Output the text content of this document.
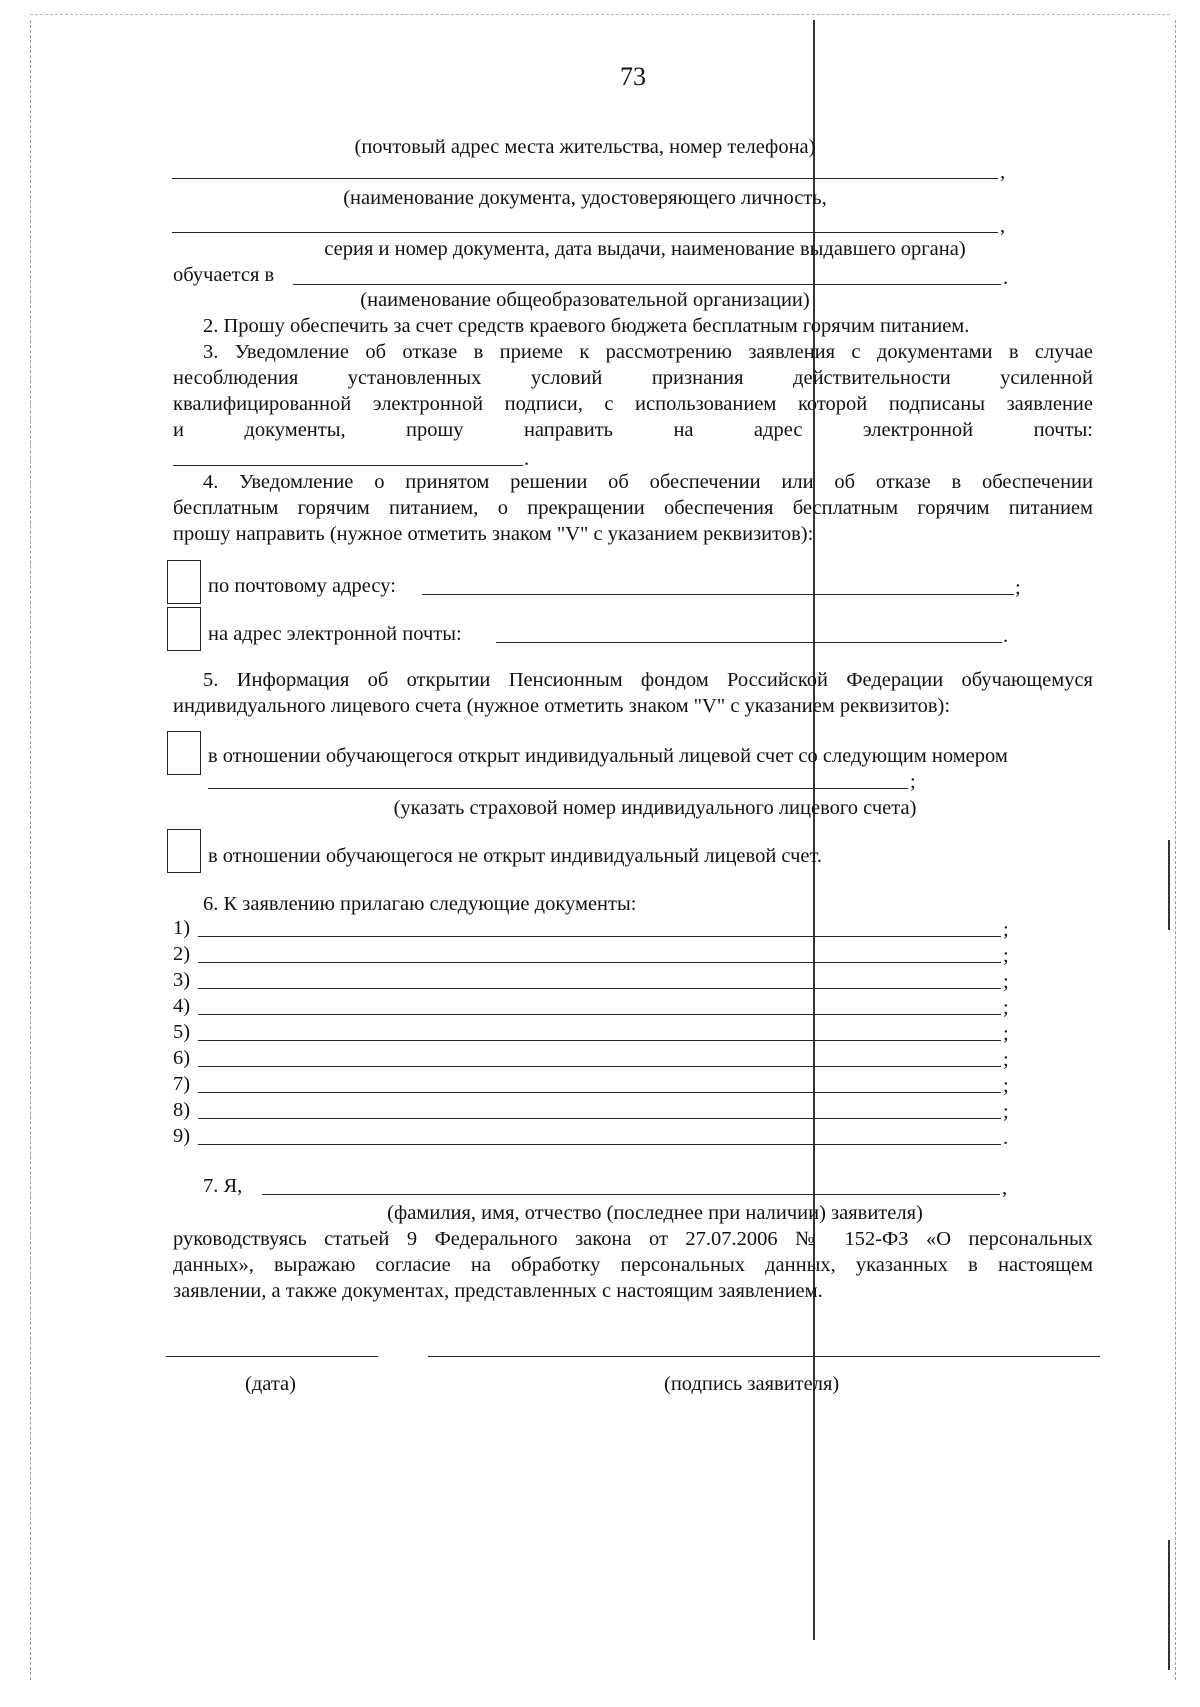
73
(почтовый адрес места жительства, номер телефона)
,
(наименование документа, удостоверяющего личность,
,
серия и номер документа, дата выдачи, наименование выдавшего органа)
обучается в	.
(наименование общеобразовательной организации)
2. Прошу обеспечить за счет средств краевого бюджета бесплатным горячим питанием.
3. Уведомление об отказе в приеме к рассмотрению заявления с документами в случае
несоблюдения установленных условий признания действительности усиленной
квалифицированной электронной подписи, с использованием которой подписаны заявление
и документы, прошу направить на адрес электронной почты:
.
4. Уведомление о принятом решении об обеспечении или об отказе в обеспечении
бесплатным горячим питанием, о прекращении обеспечения бесплатным горячим питанием
прошу направить (нужное отметить знаком "V" с указанием реквизитов):
по почтовому адресу:	;
на адрес электронной почты:	.
5. Информация об открытии Пенсионным фондом Российской Федерации обучающемуся
индивидуального лицевого счета (нужное отметить знаком "V" с указанием реквизитов):
в отношении обучающегося открыт индивидуальный лицевой счет со следующим номером
;
(указать страховой номер индивидуального лицевого счета)
в отношении обучающегося не открыт индивидуальный лицевой счет.
6. К заявлению прилагаю следующие документы:
1)	;
2)	;
3)	;
4)	;
5)	;
6)	;
7)	;
8)	;
9)	.
7. Я,	,
(фамилия, имя, отчество (последнее при наличии) заявителя)
руководствуясь статьей 9 Федерального закона от 27.07.2006 № 152-ФЗ «О персональных
данных», выражаю согласие на обработку персональных данных, указанных в настоящем
заявлении, а также документах, представленных с настоящим заявлением.
(дата)	(подпись заявителя)
